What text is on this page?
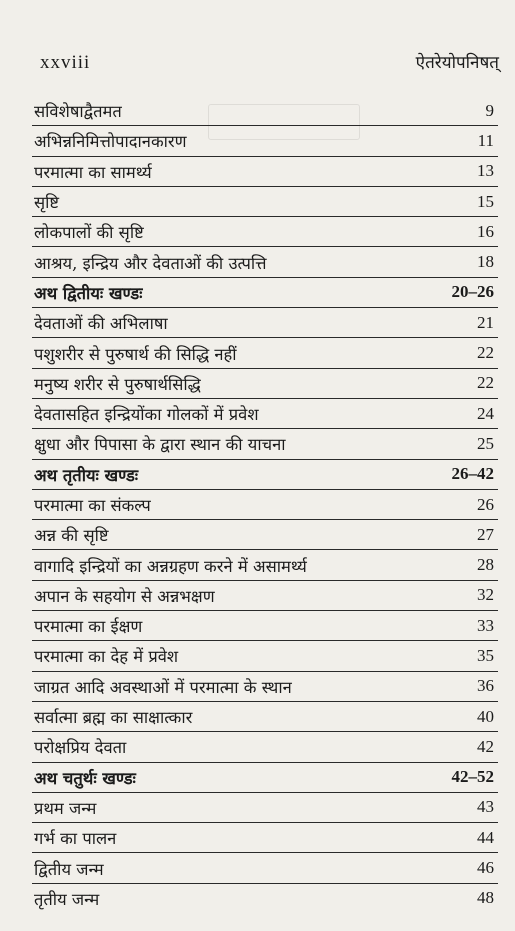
xxviii	ऐतरेयोपनिषत्
सविशेषाद्वैतमत	9
अभिन्ननिमित्तोपादानकारण	11
परमात्मा का सामर्थ्य	13
सृष्टि	15
लोकपालों की सृष्टि	16
आश्रय, इन्द्रिय और देवताओं की उत्पत्ति	18
अथ द्वितीयः खण्डः	20–26
देवताओं की अभिलाषा	21
पशुशरीर से पुरुषार्थ की सिद्धि नहीं	22
मनुष्य शरीर से पुरुषार्थसिद्धि	22
देवतासहित इन्द्रियोंका गोलकों में प्रवेश	24
क्षुधा और पिपासा के द्वारा स्थान की याचना	25
अथ तृतीयः खण्डः	26–42
परमात्मा का संकल्प	26
अन्न की सृष्टि	27
वागादि इन्द्रियों का अन्नग्रहण करने में असामर्थ्य	28
अपान के सहयोग से अन्नभक्षण	32
परमात्मा का ईक्षण	33
परमात्मा का देह में प्रवेश	35
जाग्रत आदि अवस्थाओं में परमात्मा के स्थान	36
सर्वात्मा ब्रह्म का साक्षात्कार	40
परोक्षप्रिय देवता	42
अथ चतुर्थः खण्डः	42–52
प्रथम जन्म	43
गर्भ का पालन	44
द्वितीय जन्म	46
तृतीय जन्म	48
